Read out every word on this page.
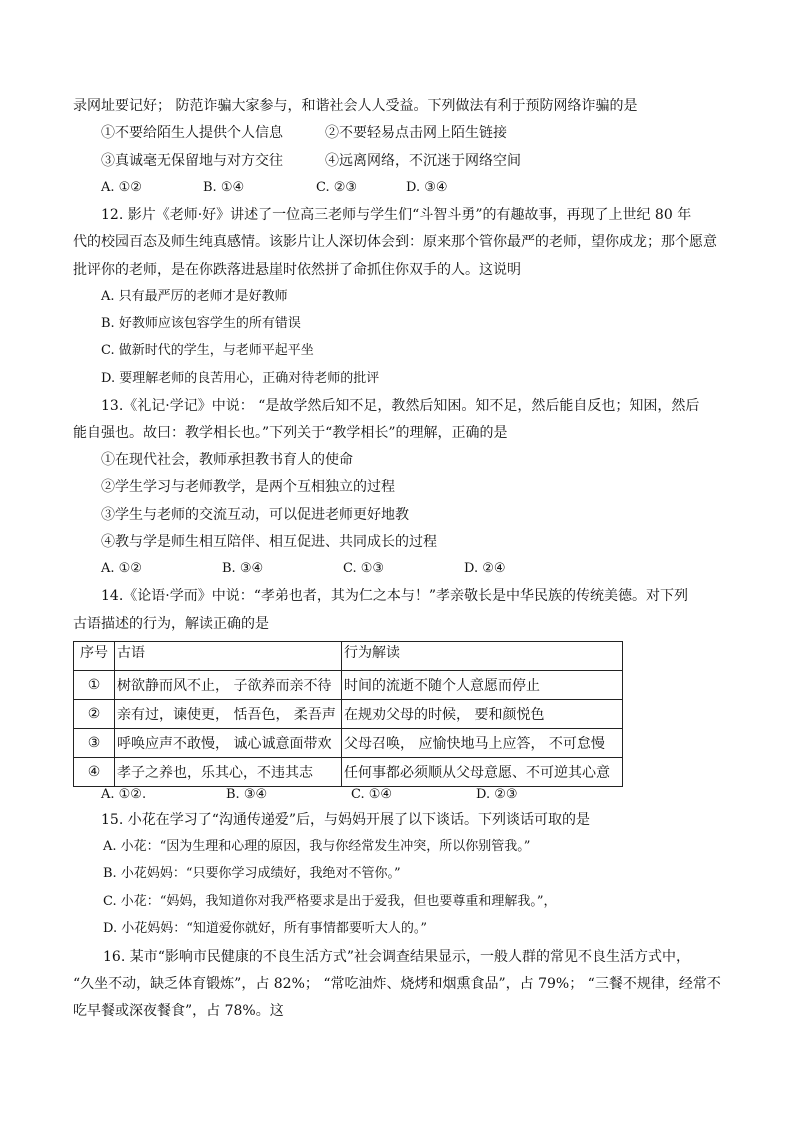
录网址要记好； 防范诈骗大家参与，和谐社会人人受益。下列做法有利于预防网络诈骗的是
①不要给陌生人提供个人信息	②不要轻易点击网上陌生链接
③真诚毫无保留地与对方交往	④远离网络，不沉迷于网络空间
A. ①②	B. ①④	C. ②③	D. ③④
12. 影片《老师·好》讲述了一位高三老师与学生们“斗智斗勇”的有趣故事，再现了上世纪 80 年
代的校园百态及师生纯真感情。该影片让人深切体会到：原来那个管你最严的老师，望你成龙；那个愿意
批评你的老师，是在你跌落进悬崖时依然拼了命抓住你双手的人。这说明
A. 只有最严厉的老师才是好教师
B. 好教师应该包容学生的所有错误
C. 做新时代的学生，与老师平起平坐
D. 要理解老师的良苦用心，正确对待老师的批评
13.《礼记·学记》中说： “是故学然后知不足，教然后知困。知不足，然后能自反也；知困，然后
能自强也。故曰：教学相长也。”下列关于“教学相长”的理解，正确的是
①在现代社会，教师承担教书育人的使命
②学生学习与老师教学，是两个互相独立的过程
③学生与老师的交流互动，可以促进老师更好地教
④教与学是师生相互陪伴、相互促进、共同成长的过程
A. ①②	B. ③④	C. ①③	D. ②④
14.《论语·学而》中说：“孝弟也者，其为仁之本与！”孝亲敬长是中华民族的传统美德。对下列
古语描述的行为，解读正确的是
序号	古语	行为解读
①	树欲静而风不止， 子欲养而亲不待	时间的流逝不随个人意愿而停止
②	亲有过，谏使更， 恬吾色， 柔吾声	在规劝父母的时候， 要和颜悦色
③	呼唤应声不敢慢， 诚心诚意面带欢	父母召唤， 应愉快地马上应答， 不可怠慢
④	孝子之养也，乐其心，不违其志	任何事都必须顺从父母意愿、不可逆其心意
A. ①②.	B. ③④	C. ①④	D. ②③
15. 小花在学习了“沟通传递爱”后，与妈妈开展了以下谈话。下列谈话可取的是
A. 小花：“因为生理和心理的原因，我与你经常发生冲突，所以你别管我。”
B. 小花妈妈：“只要你学习成绩好，我绝对不管你。”
C. 小花：“妈妈，我知道你对我严格要求是出于爱我，但也要尊重和理解我。”，
D. 小花妈妈：“知道爱你就好，所有事情都要听大人的。”
16. 某市“影响市民健康的不良生活方式”社会调查结果显示，一般人群的常见不良生活方式中，
“久坐不动，缺乏体育锻炼”，占 82%； “常吃油炸、烧烤和烟熏食品”，占 79%； “三餐不规律，经常不
吃早餐或深夜餐食”，占 78%。这
